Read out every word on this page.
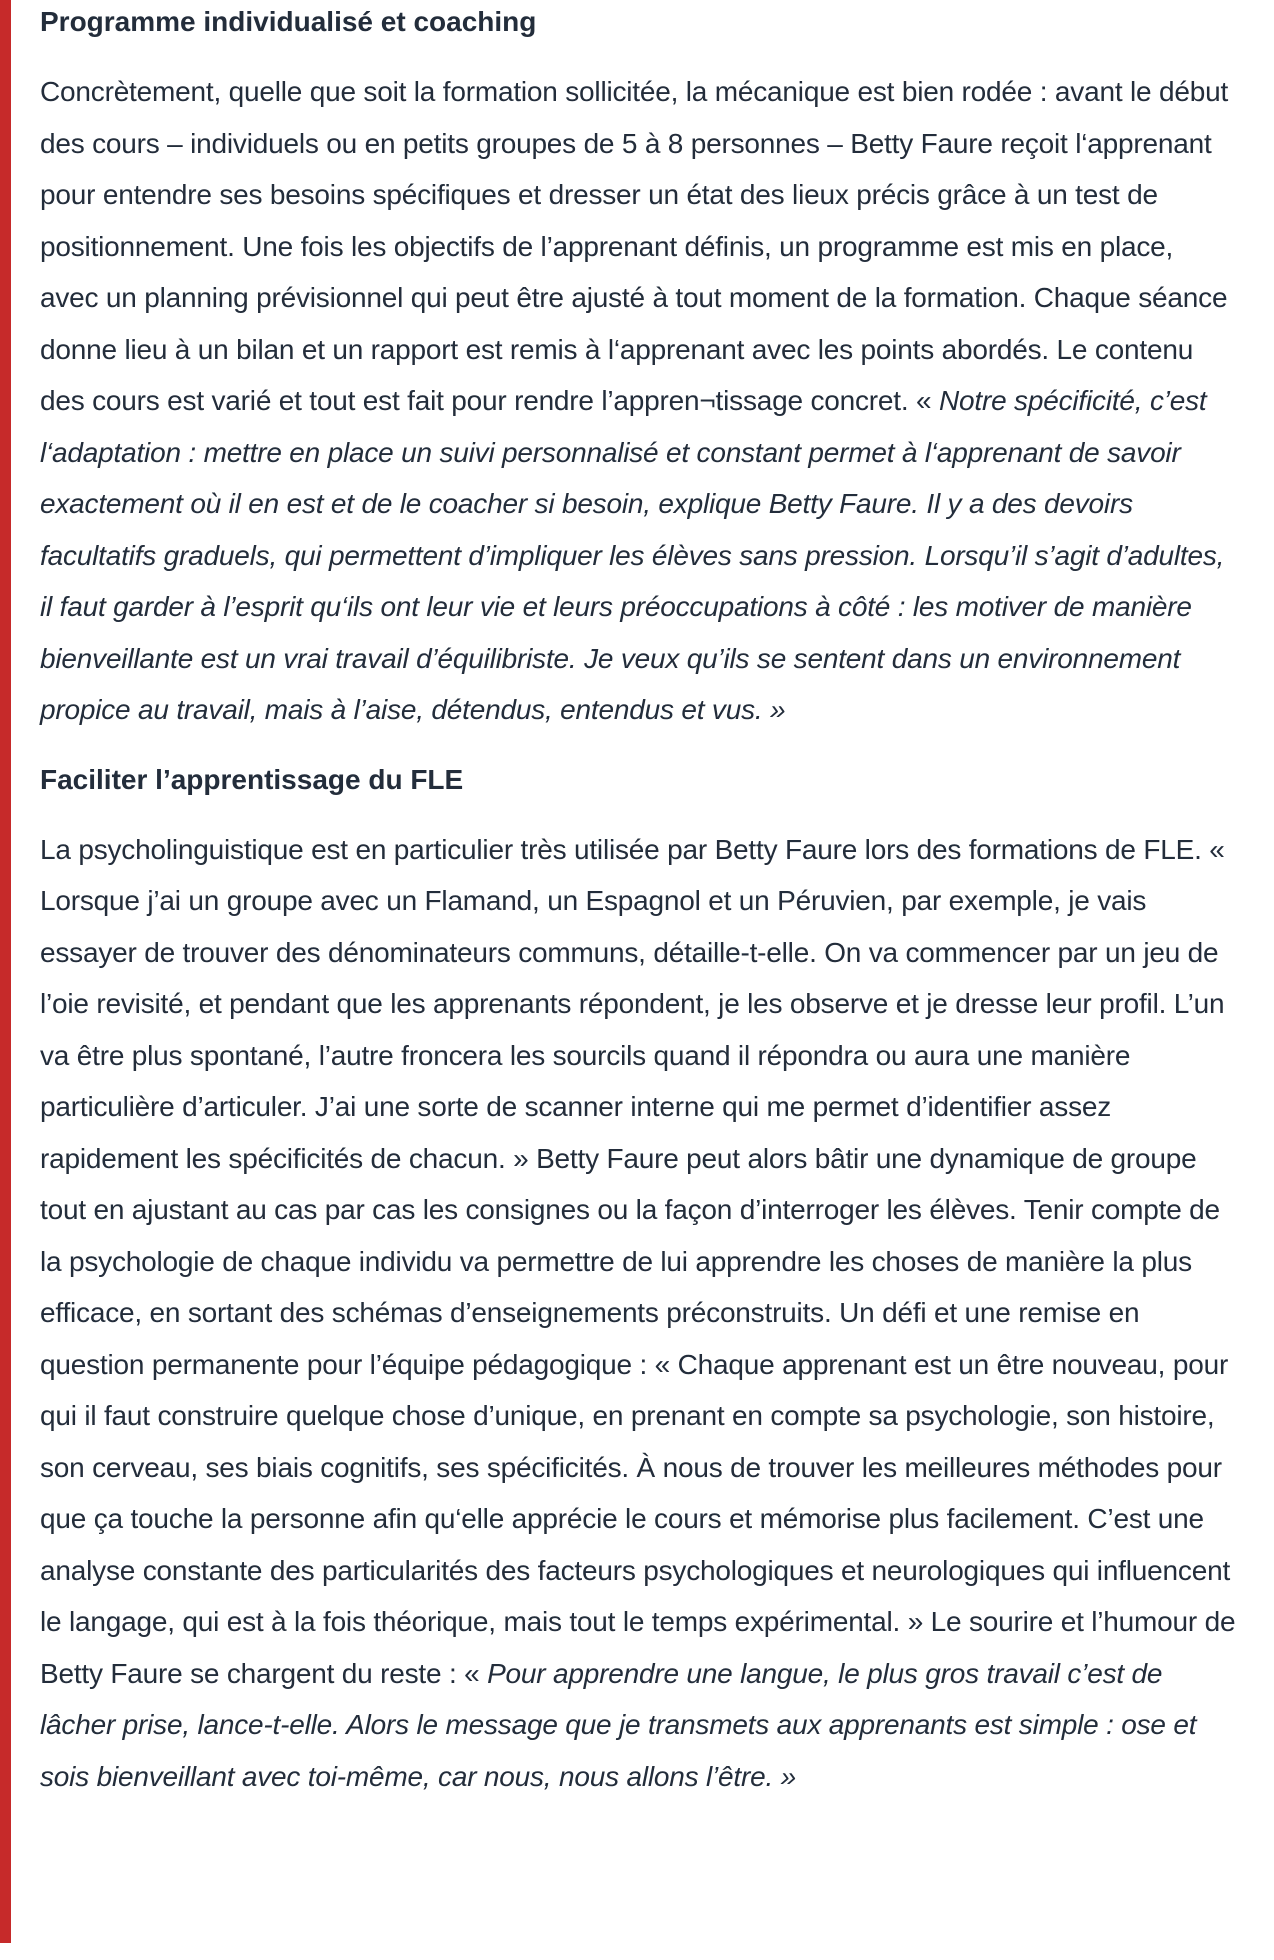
Programme individualisé et coaching

Concrètement, quelle que soit la formation sollicitée, la mécanique est bien rodée : avant le début des cours – individuels ou en petits groupes de 5 à 8 personnes – Betty Faure reçoit l‘apprenant pour entendre ses besoins spécifiques et dresser un état des lieux précis grâce à un test de positionnement. Une fois les objectifs de l’apprenant définis, un programme est mis en place, avec un planning prévisionnel qui peut être ajusté à tout moment de la formation. Chaque séance donne lieu à un bilan et un rapport est remis à l‘apprenant avec les points abordés. Le contenu des cours est varié et tout est fait pour rendre l’appren¬tissage concret. « Notre spécificité, c’est l‘adaptation : mettre en place un suivi personnalisé et constant permet à l‘apprenant de savoir exactement où il en est et de le coacher si besoin, explique Betty Faure. Il y a des devoirs facultatifs graduels, qui permettent d’impliquer les élèves sans pression. Lorsqu’il s’agit d’adultes, il faut garder à l’esprit qu‘ils ont leur vie et leurs préoccupations à côté : les motiver de manière bienveillante est un vrai travail d’équilibriste. Je veux qu’ils se sentent dans un environnement propice au travail, mais à l’aise, détendus, entendus et vus. »

Faciliter l’apprentissage du FLE

La psycholinguistique est en particulier très utilisée par Betty Faure lors des formations de FLE. « Lorsque j’ai un groupe avec un Flamand, un Espagnol et un Péruvien, par exemple, je vais essayer de trouver des dénominateurs communs, détaille-t-elle. On va commencer par un jeu de l’oie revisité, et pendant que les apprenants répondent, je les observe et je dresse leur profil. L’un va être plus spontané, l’autre froncera les sourcils quand il répondra ou aura une manière particulière d’articuler. J’ai une sorte de scanner interne qui me permet d’identifier assez rapidement les spécificités de chacun. » Betty Faure peut alors bâtir une dynamique de groupe tout en ajustant au cas par cas les consignes ou la façon d’interroger les élèves. Tenir compte de la psychologie de chaque individu va permettre de lui apprendre les choses de manière la plus efficace, en sortant des schémas d’enseignements préconstruits. Un défi et une remise en question permanente pour l’équipe pédagogique : « Chaque apprenant est un être nouveau, pour qui il faut construire quelque chose d’unique, en prenant en compte sa psychologie, son histoire, son cerveau, ses biais cognitifs, ses spécificités. À nous de trouver les meilleures méthodes pour que ça touche la personne afin qu‘elle apprécie le cours et mémorise plus facilement. C’est une analyse constante des particularités des facteurs psychologiques et neurologiques qui influencent le langage, qui est à la fois théorique, mais tout le temps expérimental. » Le sourire et l’humour de Betty Faure se chargent du reste : « Pour apprendre une langue, le plus gros travail c’est de lâcher prise, lance-t-elle. Alors le message que je transmets aux apprenants est simple : ose et sois bienveillant avec toi-même, car nous, nous allons l’être. »
